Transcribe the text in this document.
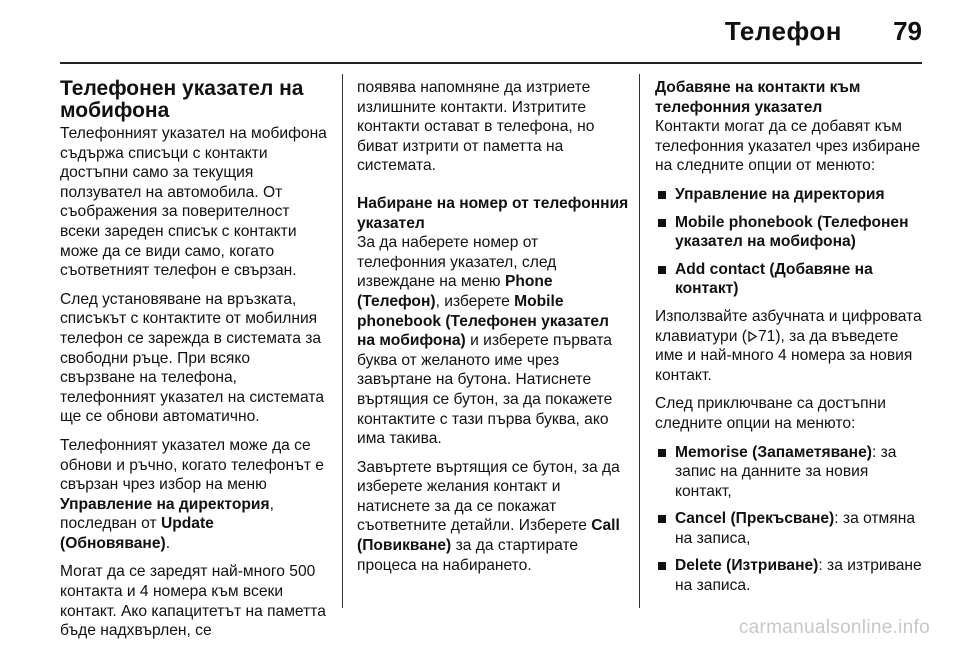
Телефон 79
Телефонен указател на мобифона

Телефонният указател на мобифона съдържа списъци с контакти достъпни само за текущия ползувател на автомобила. От съображения за поверителност всеки зареден списък с контакти може да се види само, когато съответният телефон е свързан.

След установяване на връзката, списъкът с контактите от мобилния телефон се зарежда в системата за свободни ръце. При всяко свързване на телефона, телефонният указател на системата ще се обнови автоматично.

Телефонният указател може да се обнови и ръчно, когато телефонът е свързан чрез избор на меню Управление на директория, последван от Update (Обновяване).

Могат да се заредят най-много 500 контакта и 4 номера към всеки контакт. Ако капацитетът на паметта бъде надхвърлен, се

появява напомняне да изтриете излишните контакти. Изтритите контакти остават в телефона, но биват изтрити от паметта на системата.

Набиране на номер от телефонния указател

За да наберете номер от телефонния указател, след извеждане на меню Phone (Телефон), изберете Mobile phonebook (Телефонен указател на мобифона) и изберете първата буква от желаното име чрез завъртане на бутона. Натиснете въртящия се бутон, за да покажете контактите с тази първа буква, ако има такива.

Завъртете въртящия се бутон, за да изберете желания контакт и натиснете за да се покажат съответните детайли. Изберете Call (Повикване) за да стартирате процеса на набирането.

Добавяне на контакти към телефонния указател

Контакти могат да се добавят към телефонния указател чрез избиране на следните опции от менюто:

Управление на директория
Mobile phonebook (Телефонен указател на мобифона)
Add contact (Добавяне на контакт)

Използвайте азбучната и цифровата клавиатури ( 71), за да въведете име и най-много 4 номера за новия контакт.

След приключване са достъпни следните опции на менюто:

Memorise (Запаметяване): за запис на данните за новия контакт,
Cancel (Прекъсване): за отмяна на записа,
Delete (Изтриване): за изтриване на записа.
carmanualsonline.info
